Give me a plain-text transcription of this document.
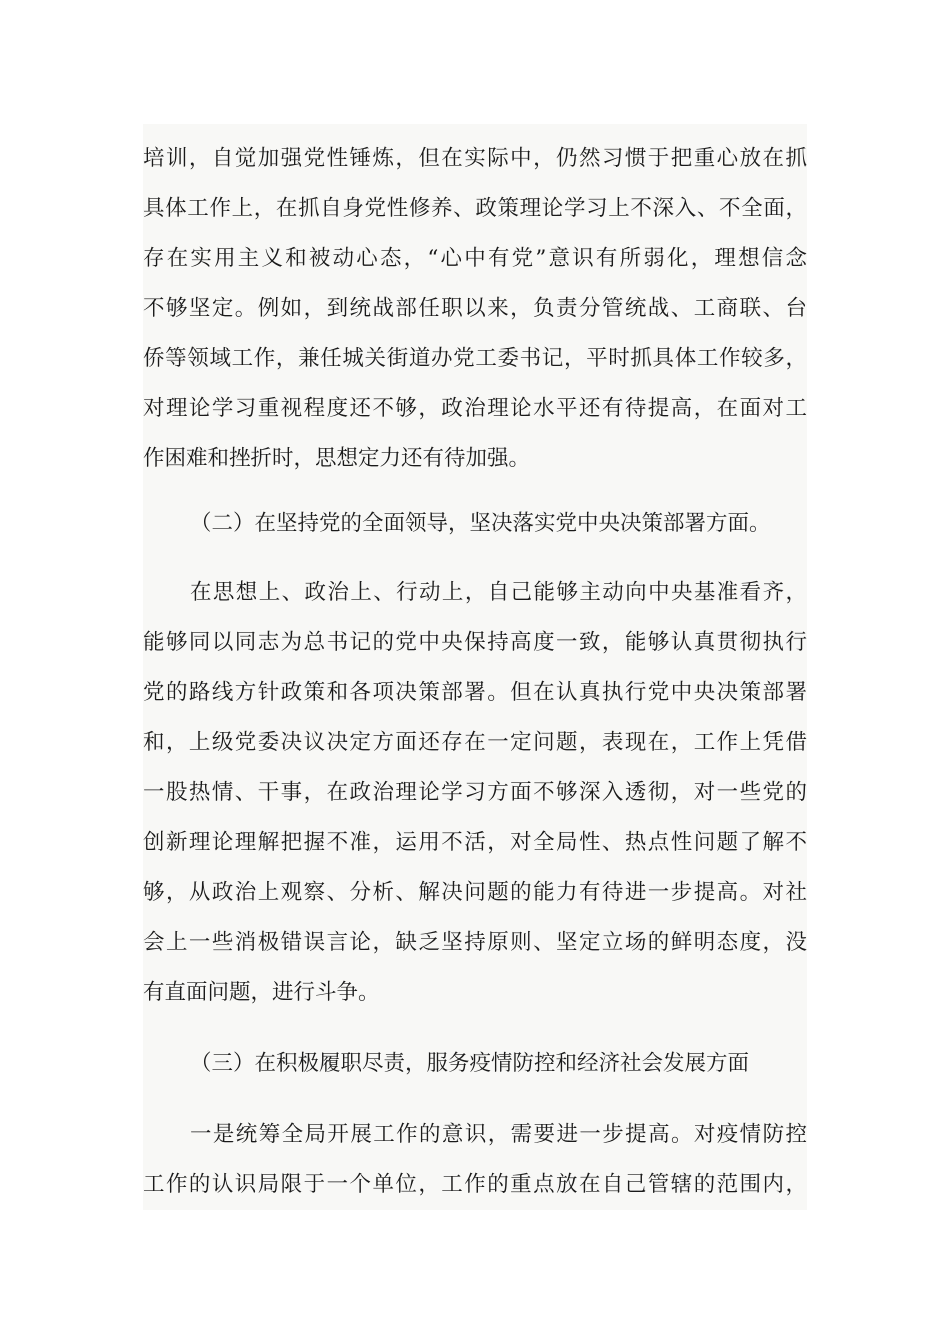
培训，自觉加强党性锤炼，但在实际中，仍然习惯于把重心放在抓
具体工作上，在抓自身党性修养、政策理论学习上不深入、不全面，
存在实用主义和被动心态，“心中有党”意识有所弱化，理想信念
不够坚定。例如，到统战部任职以来，负责分管统战、工商联、台
侨等领域工作，兼任城关街道办党工委书记，平时抓具体工作较多，
对理论学习重视程度还不够，政治理论水平还有待提高，在面对工
作困难和挫折时，思想定力还有待加强。
（二）在坚持党的全面领导，坚决落实党中央决策部署方面。
在思想上、政治上、行动上，自己能够主动向中央基准看齐，
能够同以同志为总书记的党中央保持高度一致，能够认真贯彻执行
党的路线方针政策和各项决策部署。但在认真执行党中央决策部署
和，上级党委决议决定方面还存在一定问题，表现在，工作上凭借
一股热情、干事，在政治理论学习方面不够深入透彻，对一些党的
创新理论理解把握不准，运用不活，对全局性、热点性问题了解不
够，从政治上观察、分析、解决问题的能力有待进一步提高。对社
会上一些消极错误言论，缺乏坚持原则、坚定立场的鲜明态度，没
有直面问题，进行斗争。
（三）在积极履职尽责，服务疫情防控和经济社会发展方面
一是统筹全局开展工作的意识，需要进一步提高。对疫情防控
工作的认识局限于一个单位，工作的重点放在自己管辖的范围内，
